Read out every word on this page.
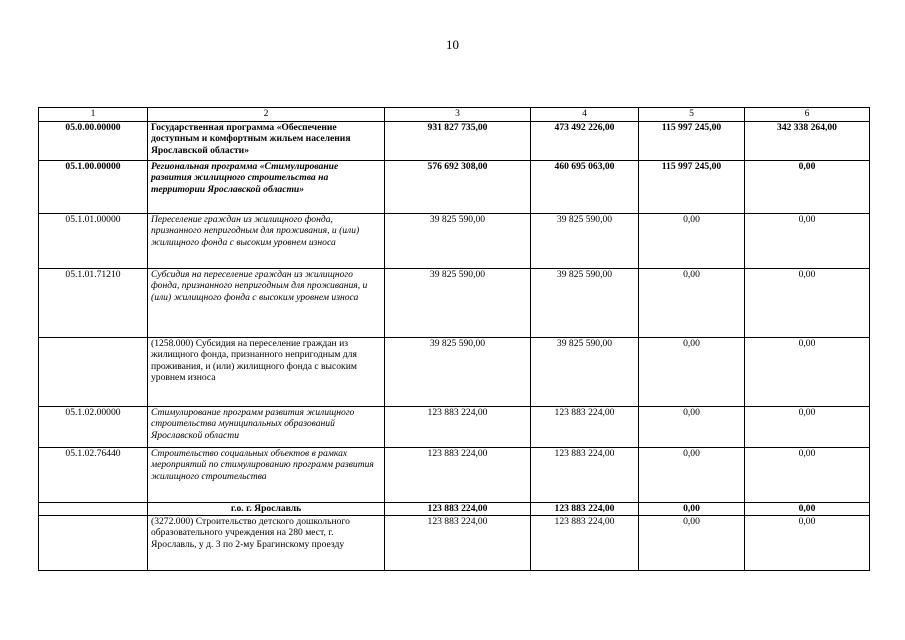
10
1	2	3	4	5	6
05.0.00.00000	Государственная программа «Обеспечение доступным и комфортным жильем населения Ярославской области»	931 827 735,00	473 492 226,00	115 997 245,00	342 338 264,00
05.1.00.00000	Региональная программа «Стимулирование развития жилищного строительства на территории Ярославской области»	576 692 308,00	460 695 063,00	115 997 245,00	0,00
05.1.01.00000	Переселение граждан из жилищного фонда, признанного непригодным для проживания, и (или) жилищного фонда с высоким уровнем износа	39 825 590,00	39 825 590,00	0,00	0,00
05.1.01.71210	Субсидия на переселение граждан из жилищного фонда, признанного непригодным для проживания, и (или) жилищного фонда с высоким уровнем износа	39 825 590,00	39 825 590,00	0,00	0,00
	(1258.000) Субсидия на переселение граждан из жилищного фонда, признанного непригодным для проживания, и (или) жилищного фонда с высоким уровнем износа	39 825 590,00	39 825 590,00	0,00	0,00
05.1.02.00000	Стимулирование программ развития жилищного строительства муниципальных образований Ярославской области	123 883 224,00	123 883 224,00	0,00	0,00
05.1.02.76440	Строительство социальных объектов в рамках мероприятий по стимулированию программ развития жилищного строительства	123 883 224,00	123 883 224,00	0,00	0,00
	г.о. г. Ярославль	123 883 224,00	123 883 224,00	0,00	0,00
	(3272.000) Строительство детского дошкольного образовательного учреждения на 280 мест, г. Ярославль, у д. 3 по 2-му Брагинскому проезду	123 883 224,00	123 883 224,00	0,00	0,00
